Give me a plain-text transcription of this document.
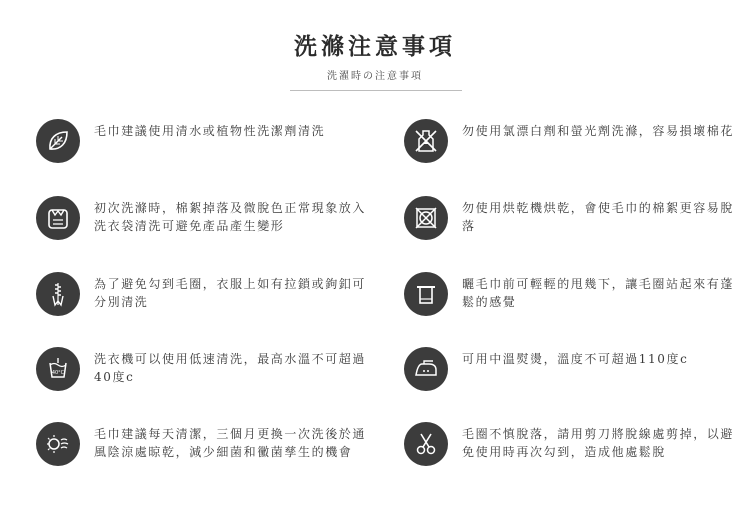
洗滌注意事項
洗濯時の注意事項
毛巾建議使用清水或植物性洗潔劑清洗	勿使用氯漂白劑和螢光劑洗滌，容易損壞棉花
初次洗滌時，棉絮掉落及微脫色正常現象放入洗衣袋清洗可避免產品產生變形
勿使用烘乾機烘乾，會使毛巾的棉絮更容易脫落
為了避免勾到毛圈，衣服上如有拉鎖或鉤釦可分別清洗
曬毛巾前可輕輕的甩幾下，讓毛圈站起來有蓬鬆的感覺
40°C
洗衣機可以使用低速清洗，最高水溫不可超過40度c
可用中溫熨燙，溫度不可超過110度c
毛巾建議每天清潔，三個月更換一次洗後於通風陰涼處晾乾，減少細菌和黴菌孳生的機會
毛圈不慎脫落，請用剪刀將脫線處剪掉，以避免使用時再次勾到，造成他處鬆脫
